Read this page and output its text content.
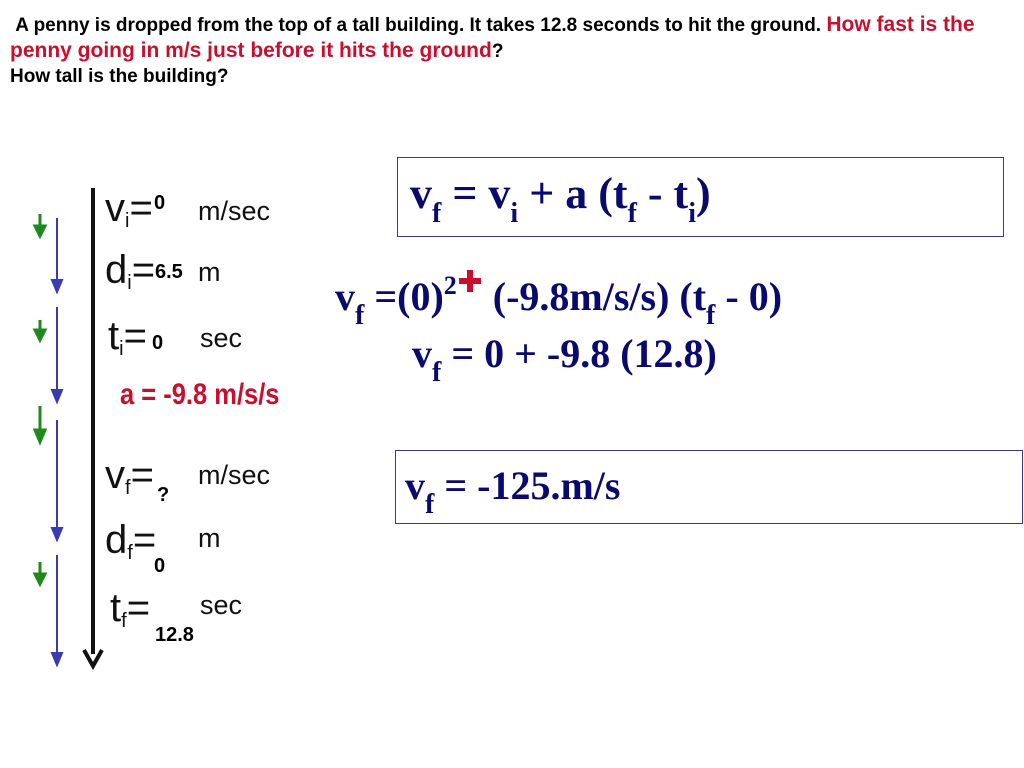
A penny is dropped from the top of a tall building. It takes 12.8 seconds to hit the ground. How fast is the penny going in m/s just before it hits the ground?
How tall is the building?
vi= 0 m/sec
di= 6.5 m
ti= 0 sec
a = -9.8 m/s/s
vf= ?
m/sec
df=
0
m
tf=
12.8
sec
$v_f = v_i + a$ $(t_f - t_i)$
$v_f =(0)^2$
(-9.8m/s/s) $(t_f - 0)$
$v_f = 0 + -9.8$ (12.8)
$v_f = -125.m/s$
